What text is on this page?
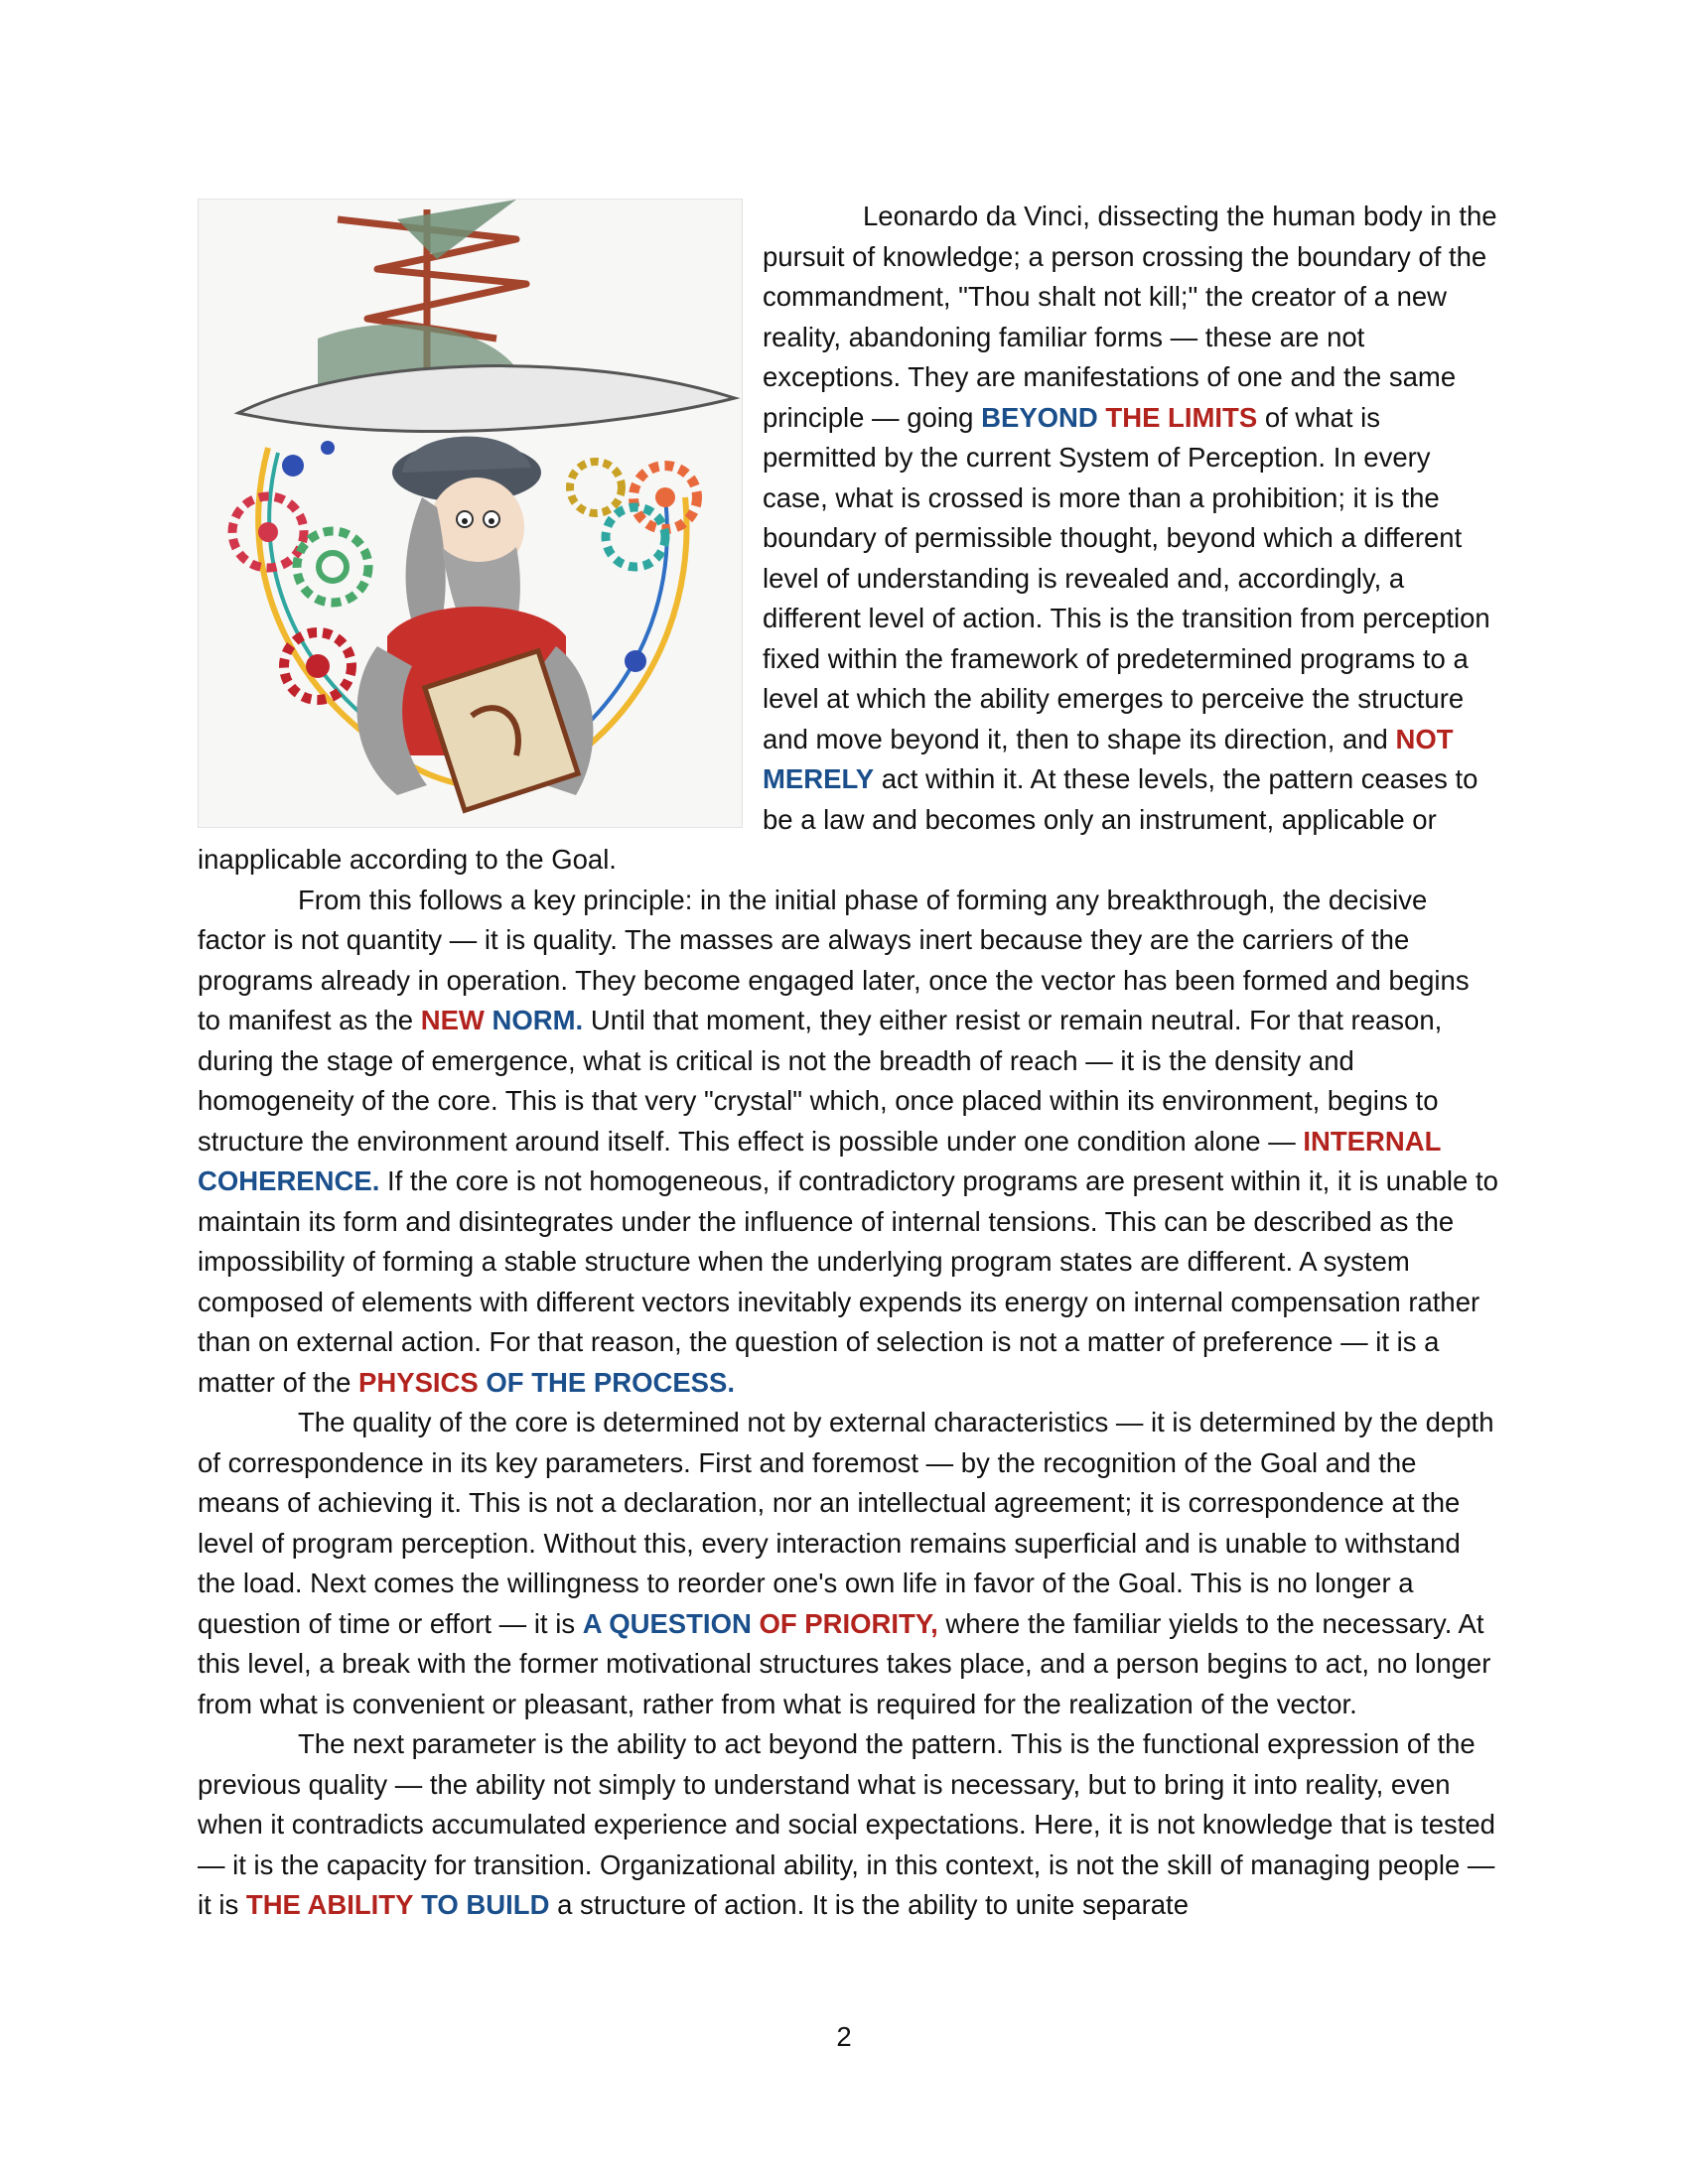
Leonardo da Vinci, dissecting the human body in the pursuit of knowledge; a person crossing the boundary of the commandment, "Thou shalt not kill;" the creator of a new reality, abandoning familiar forms — these are not exceptions. They are manifestations of one and the same principle — going BEYOND THE LIMITS of what is permitted by the current System of Perception. In every case, what is crossed is more than a prohibition; it is the boundary of permissible thought, beyond which a different level of understanding is revealed and, accordingly, a different level of action. This is the transition from perception fixed within the framework of predetermined programs to a level at which the ability emerges to perceive the structure and move beyond it, then to shape its direction, and NOT MERELY act within it. At these levels, the pattern ceases to be a law and becomes only an instrument, applicable or inapplicable according to the Goal.

From this follows a key principle: in the initial phase of forming any breakthrough, the decisive factor is not quantity — it is quality. The masses are always inert because they are the carriers of the programs already in operation. They become engaged later, once the vector has been formed and begins to manifest as the NEW NORM. Until that moment, they either resist or remain neutral. For that reason, during the stage of emergence, what is critical is not the breadth of reach — it is the density and homogeneity of the core. This is that very "crystal" which, once placed within its environment, begins to structure the environment around itself. This effect is possible under one condition alone — INTERNAL COHERENCE. If the core is not homogeneous, if contradictory programs are present within it, it is unable to maintain its form and disintegrates under the influence of internal tensions. This can be described as the impossibility of forming a stable structure when the underlying program states are different. A system composed of elements with different vectors inevitably expends its energy on internal compensation rather than on external action. For that reason, the question of selection is not a matter of preference — it is a matter of the PHYSICS OF THE PROCESS.

The quality of the core is determined not by external characteristics — it is determined by the depth of correspondence in its key parameters. First and foremost — by the recognition of the Goal and the means of achieving it. This is not a declaration, nor an intellectual agreement; it is correspondence at the level of program perception. Without this, every interaction remains superficial and is unable to withstand the load. Next comes the willingness to reorder one's own life in favor of the Goal. This is no longer a question of time or effort — it is A QUESTION OF PRIORITY, where the familiar yields to the necessary. At this level, a break with the former motivational structures takes place, and a person begins to act, no longer from what is convenient or pleasant, rather from what is required for the realization of the vector.

The next parameter is the ability to act beyond the pattern. This is the functional expression of the previous quality — the ability not simply to understand what is necessary, but to bring it into reality, even when it contradicts accumulated experience and social expectations. Here, it is not knowledge that is tested — it is the capacity for transition. Organizational ability, in this context, is not the skill of managing people — it is THE ABILITY TO BUILD a structure of action. It is the ability to unite separate

2
